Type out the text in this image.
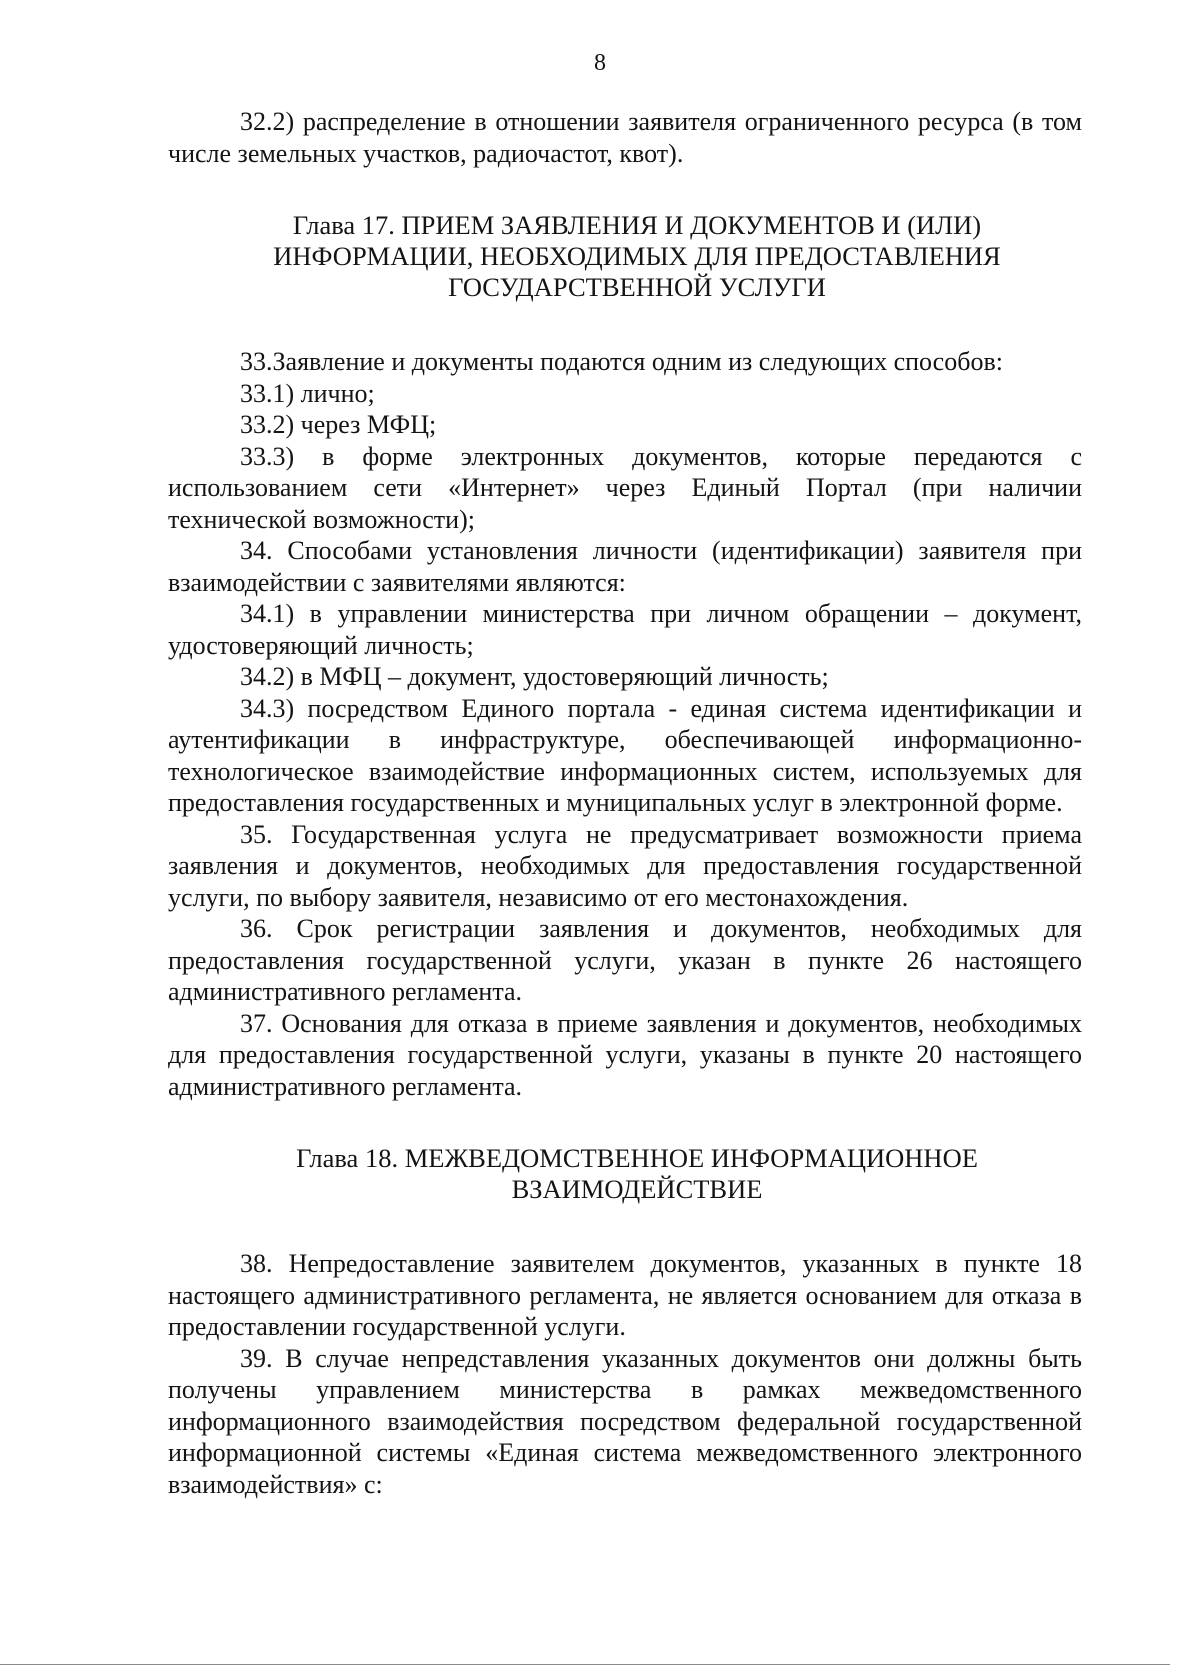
8

32.2) распределение в отношении заявителя ограниченного ресурса (в том числе земельных участков, радиочастот, квот).

Глава 17. ПРИЕМ ЗАЯВЛЕНИЯ И ДОКУМЕНТОВ И (ИЛИ)
ИНФОРМАЦИИ, НЕОБХОДИМЫХ ДЛЯ ПРЕДОСТАВЛЕНИЯ
ГОСУДАРСТВЕННОЙ УСЛУГИ

33.Заявление и документы подаются одним из следующих способов:

33.1) лично;

33.2) через МФЦ;

33.3) в форме электронных документов, которые передаются с использованием сети «Интернет» через Единый Портал (при наличии технической возможности);

34. Способами установления личности (идентификации) заявителя при взаимодействии с заявителями являются:

34.1) в управлении министерства при личном обращении – документ, удостоверяющий личность;

34.2) в МФЦ – документ, удостоверяющий личность;

34.3) посредством Единого портала - единая система идентификации и аутентификации в инфраструктуре, обеспечивающей информационно-технологическое взаимодействие информационных систем, используемых для предоставления государственных и муниципальных услуг в электронной форме.

35. Государственная услуга не предусматривает возможности приема заявления и документов, необходимых для предоставления государственной услуги, по выбору заявителя, независимо от его местонахождения.

36. Срок регистрации заявления и документов, необходимых для предоставления государственной услуги, указан в пункте 26 настоящего административного регламента.

37. Основания для отказа в приеме заявления и документов, необходимых для предоставления государственной услуги, указаны в пункте 20 настоящего административного регламента.

Глава 18. МЕЖВЕДОМСТВЕННОЕ ИНФОРМАЦИОННОЕ
ВЗАИМОДЕЙСТВИЕ

38. Непредоставление заявителем документов, указанных в пункте 18 настоящего административного регламента, не является основанием для отказа в предоставлении государственной услуги.

39. В случае непредставления указанных документов они должны быть получены управлением министерства в рамках межведомственного информационного взаимодействия посредством федеральной государственной информационной системы «Единая система межведомственного электронного взаимодействия» с:
